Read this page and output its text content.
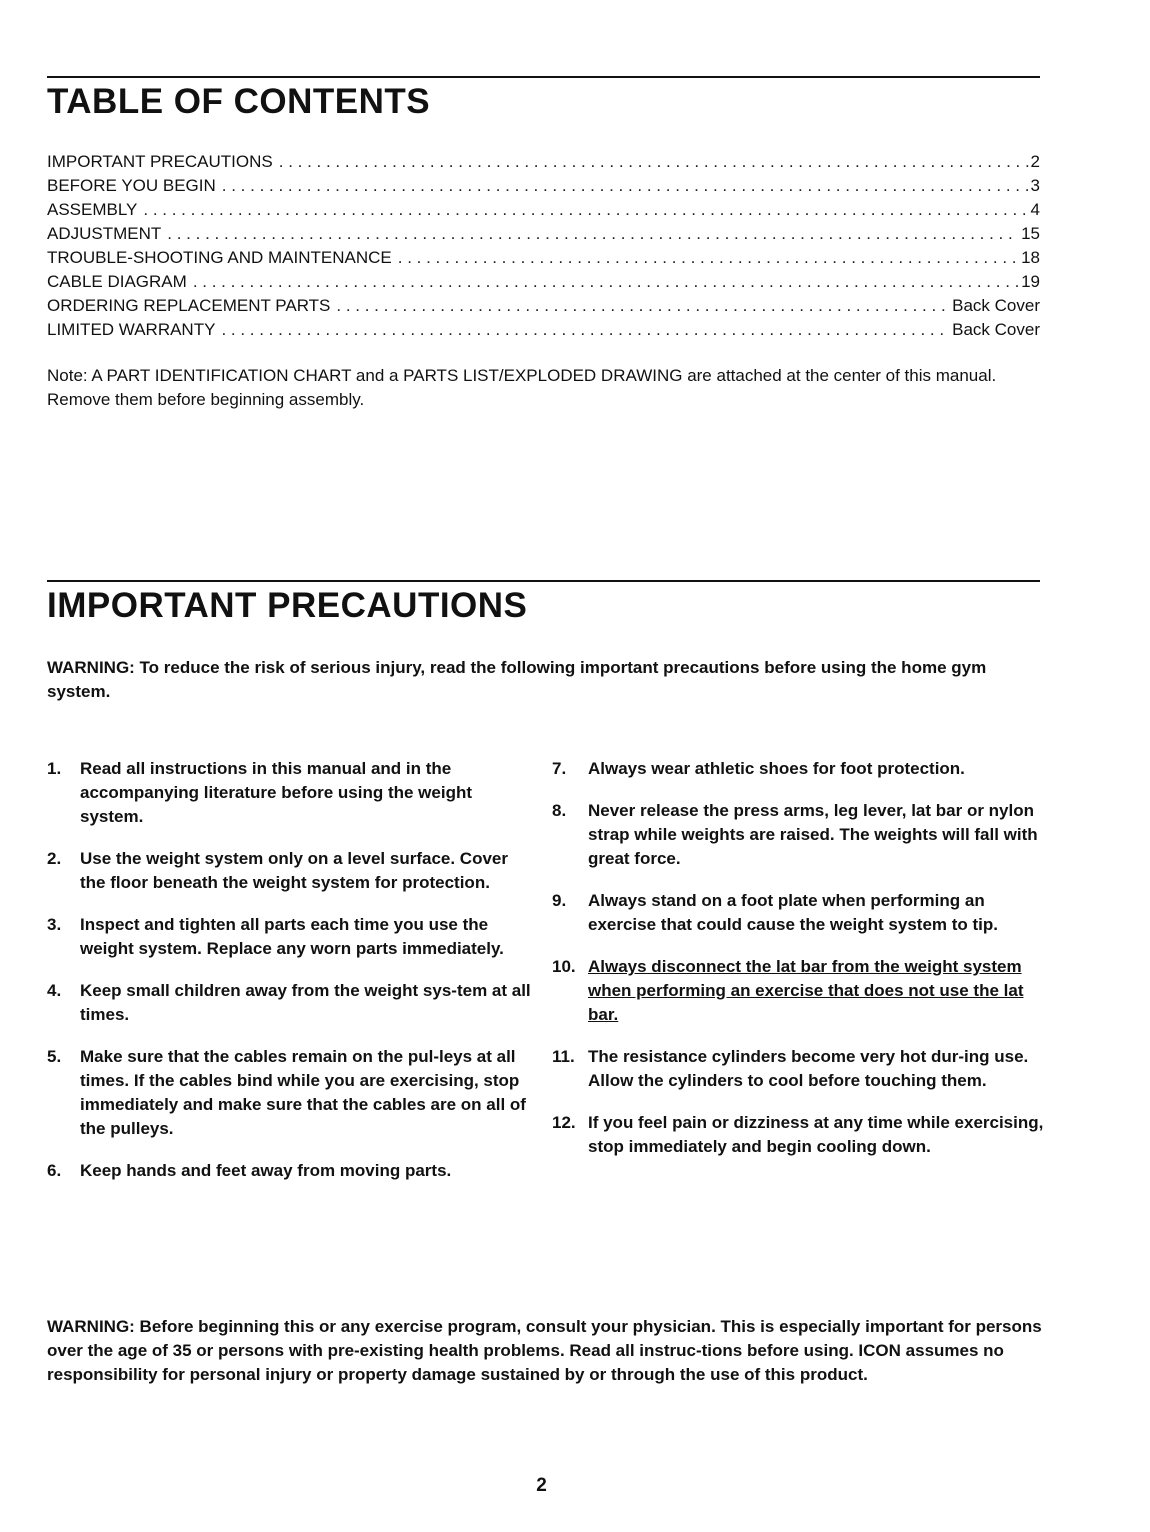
TABLE OF CONTENTS
IMPORTANT PRECAUTIONS . . .	2
BEFORE YOU BEGIN . . .	3
ASSEMBLY . . .	4
ADJUSTMENT . . .	15
TROUBLE-SHOOTING AND MAINTENANCE . . .	18
CABLE DIAGRAM . . .	19
ORDERING REPLACEMENT PARTS . . .	Back Cover
LIMITED WARRANTY . . .	Back Cover

Note: A PART IDENTIFICATION CHART and a PARTS LIST/EXPLODED DRAWING are attached at the center of this manual. Remove them before beginning assembly.

IMPORTANT PRECAUTIONS

WARNING: To reduce the risk of serious injury, read the following important precautions before using the home gym system.

1. Read all instructions in this manual and in the accompanying literature before using the weight system.
2. Use the weight system only on a level surface. Cover the floor beneath the weight system for protection.
3. Inspect and tighten all parts each time you use the weight system. Replace any worn parts immediately.
4. Keep small children away from the weight sys-tem at all times.
5. Make sure that the cables remain on the pul-leys at all times. If the cables bind while you are exercising, stop immediately and make sure that the cables are on all of the pulleys.
6. Keep hands and feet away from moving parts.
7. Always wear athletic shoes for foot protection.
8. Never release the press arms, leg lever, lat bar or nylon strap while weights are raised. The weights will fall with great force.
9. Always stand on a foot plate when performing an exercise that could cause the weight system to tip.
10. Always disconnect the lat bar from the weight system when performing an exercise that does not use the lat bar.
11. The resistance cylinders become very hot dur-ing use. Allow the cylinders to cool before touching them.
12. If you feel pain or dizziness at any time while exercising, stop immediately and begin cooling down.

WARNING: Before beginning this or any exercise program, consult your physician. This is especially important for persons over the age of 35 or persons with pre-existing health problems. Read all instruc-tions before using. ICON assumes no responsibility for personal injury or property damage sustained by or through the use of this product.

2
